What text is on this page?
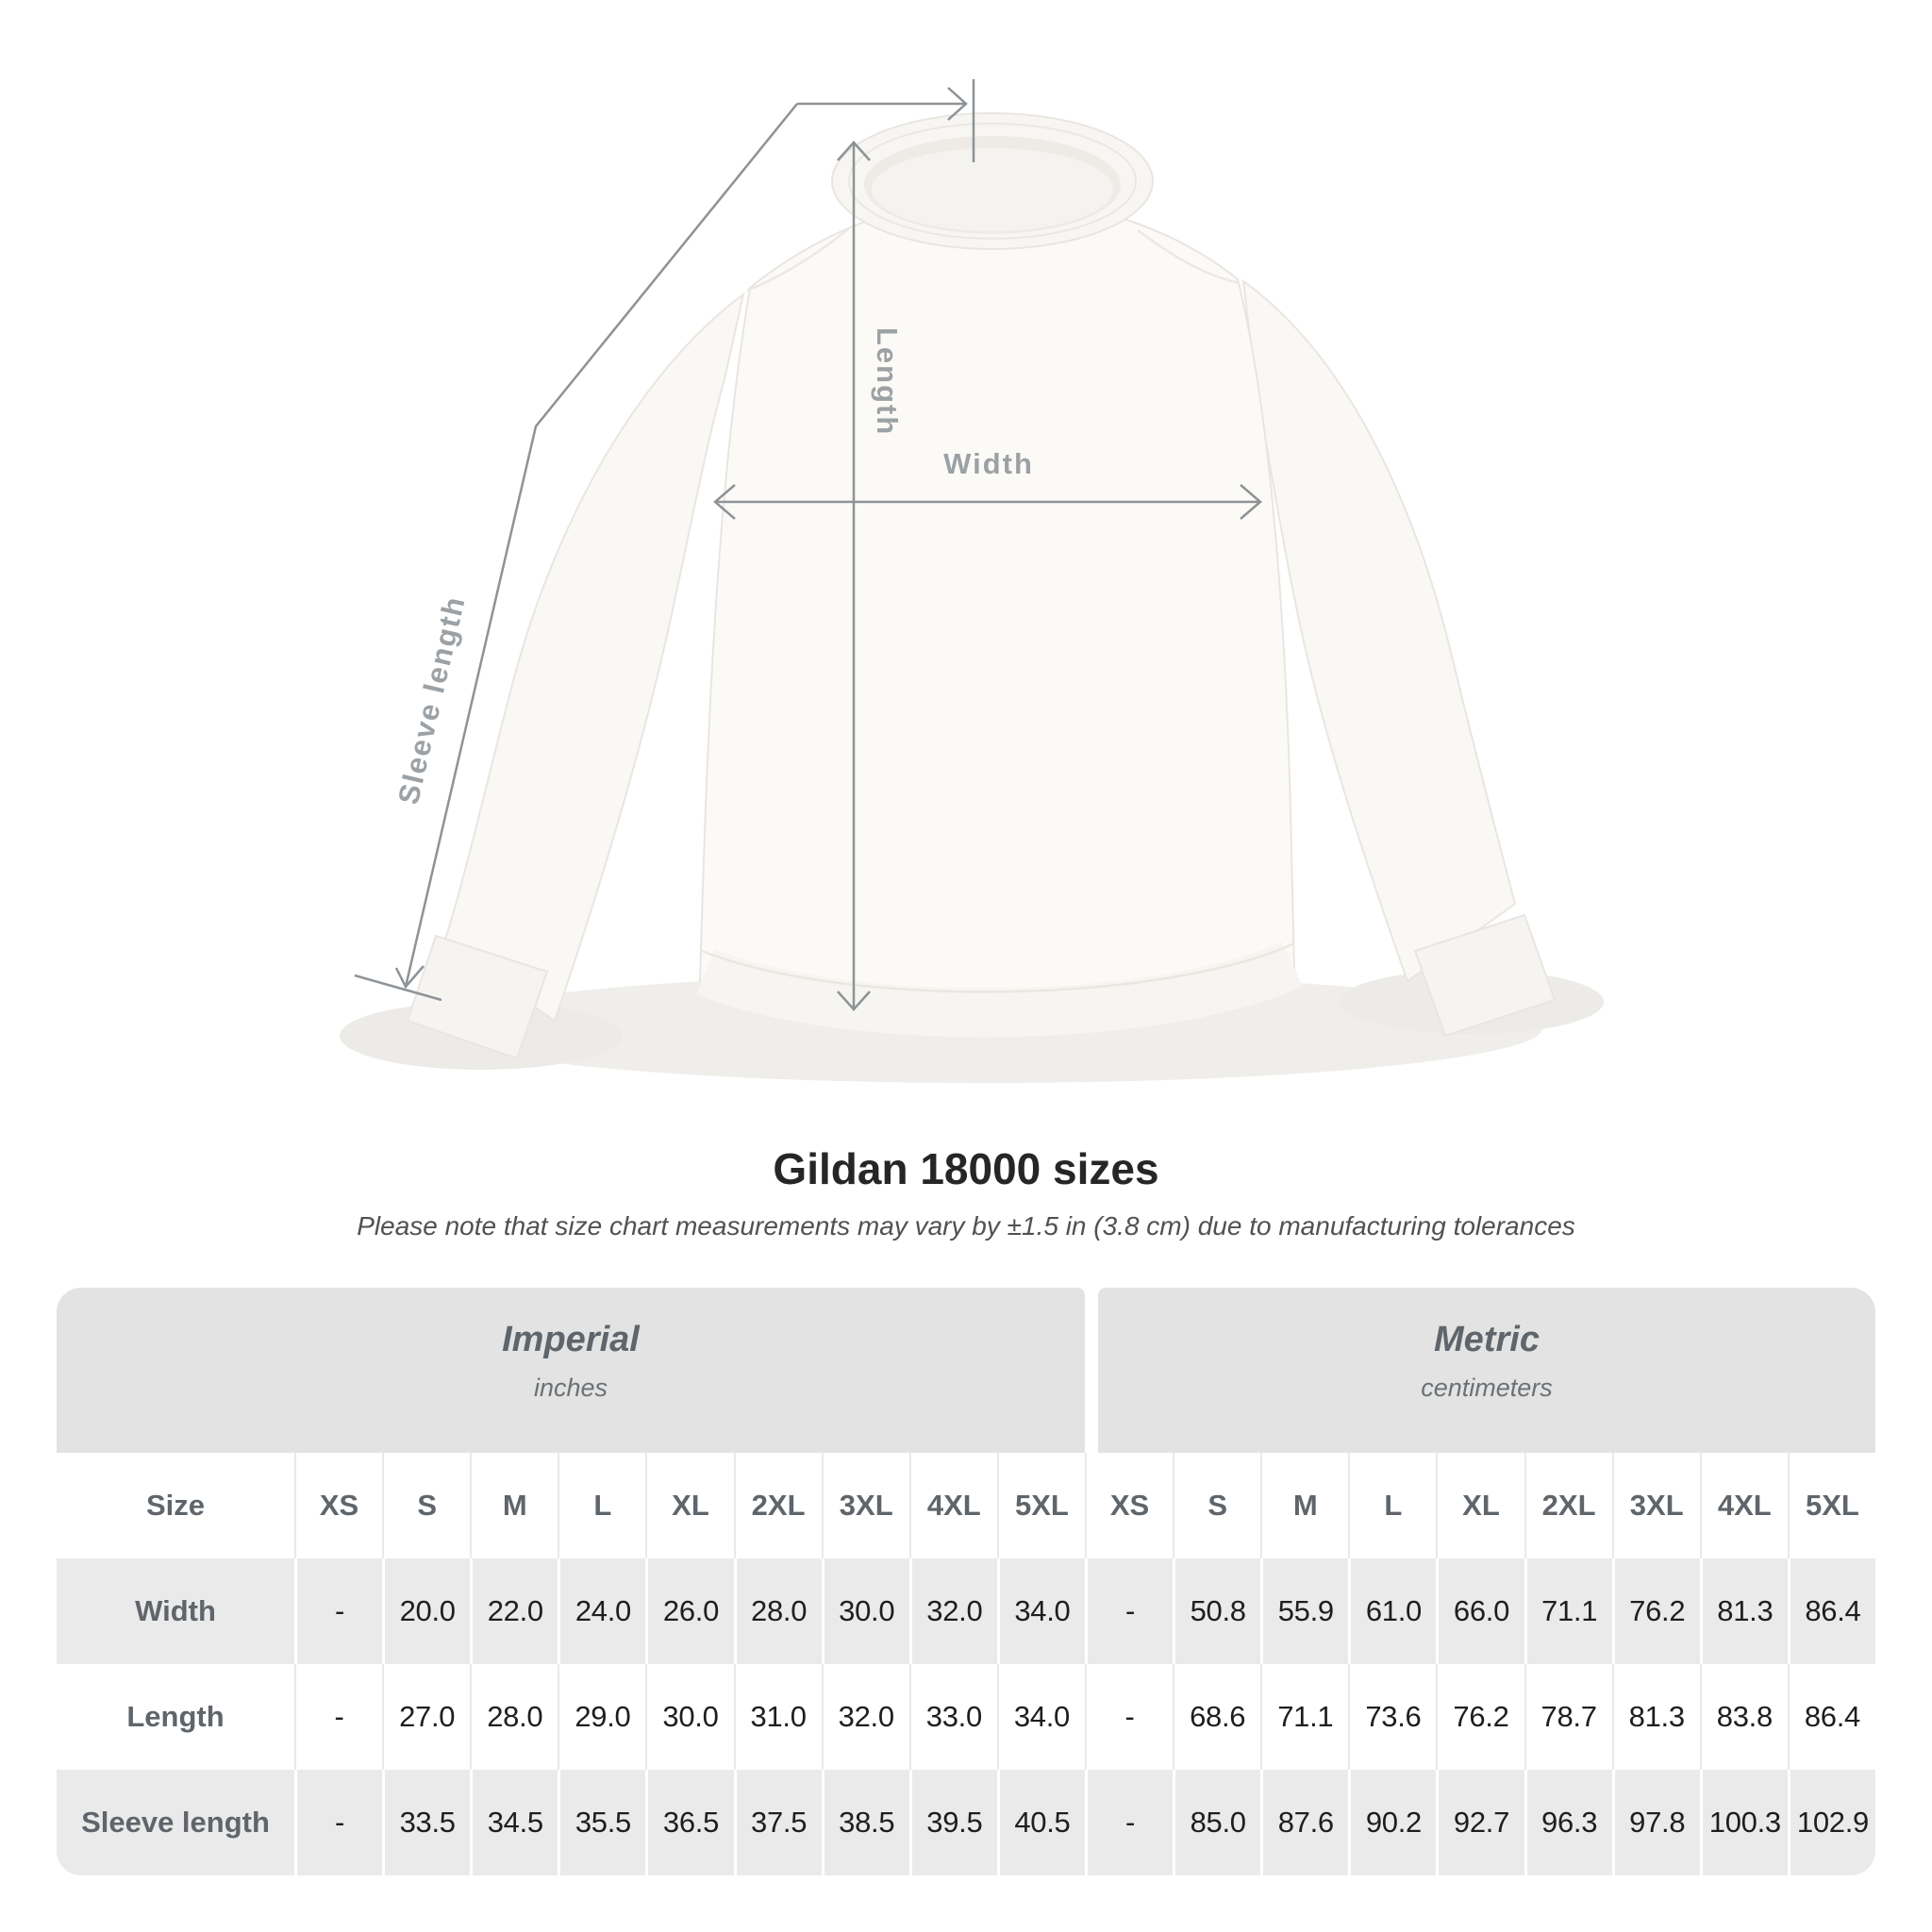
Length
Width
Sleeve length
Gildan 18000 sizes

Please note that size chart measurements may vary by ±1.5 in (3.8 cm) due to manufacturing tolerances

Imperial
inches
Metric
centimeters
Size	XS	S	M	L	XL	2XL	3XL	4XL	5XL	XS	S	M	L	XL	2XL	3XL	4XL	5XL
Width	-	20.0	22.0	24.0	26.0	28.0	30.0	32.0	34.0	-	50.8	55.9	61.0	66.0	71.1	76.2	81.3	86.4
Length	-	27.0	28.0	29.0	30.0	31.0	32.0	33.0	34.0	-	68.6	71.1	73.6	76.2	78.7	81.3	83.8	86.4
Sleeve length	-	33.5	34.5	35.5	36.5	37.5	38.5	39.5	40.5	-	85.0	87.6	90.2	92.7	96.3	97.8 100.3 102.9
